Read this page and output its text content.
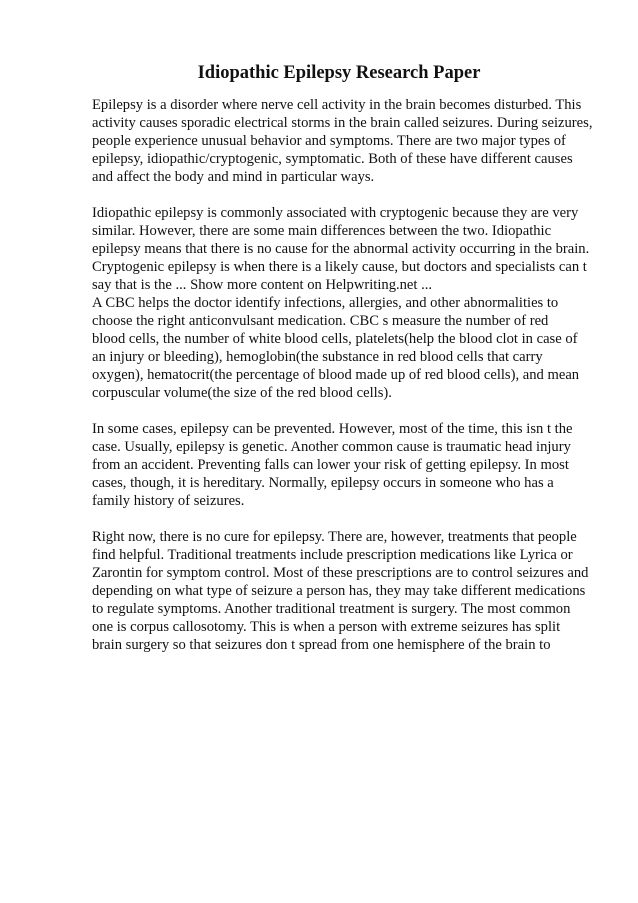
Idiopathic Epilepsy Research Paper

Epilepsy is a disorder where nerve cell activity in the brain becomes disturbed. This
activity causes sporadic electrical storms in the brain called seizures. During seizures,
people experience unusual behavior and symptoms. There are two major types of
epilepsy, idiopathic/cryptogenic, symptomatic. Both of these have different causes
and affect the body and mind in particular ways.

Idiopathic epilepsy is commonly associated with cryptogenic because they are very
similar. However, there are some main differences between the two. Idiopathic
epilepsy means that there is no cause for the abnormal activity occurring in the brain.
Cryptogenic epilepsy is when there is a likely cause, but doctors and specialists can t
say that is the ... Show more content on Helpwriting.net ...

A CBC helps the doctor identify infections, allergies, and other abnormalities to
choose the right anticonvulsant medication. CBC s measure the number of red
blood cells, the number of white blood cells, platelets(help the blood clot in case of
an injury or bleeding), hemoglobin(the substance in red blood cells that carry
oxygen), hematocrit(the percentage of blood made up of red blood cells), and mean
corpuscular volume(the size of the red blood cells).

In some cases, epilepsy can be prevented. However, most of the time, this isn t the
case. Usually, epilepsy is genetic. Another common cause is traumatic head injury
from an accident. Preventing falls can lower your risk of getting epilepsy. In most
cases, though, it is hereditary. Normally, epilepsy occurs in someone who has a
family history of seizures.

Right now, there is no cure for epilepsy. There are, however, treatments that people
find helpful. Traditional treatments include prescription medications like Lyrica or
Zarontin for symptom control. Most of these prescriptions are to control seizures and
depending on what type of seizure a person has, they may take different medications
to regulate symptoms. Another traditional treatment is surgery. The most common
one is corpus callosotomy. This is when a person with extreme seizures has split
brain surgery so that seizures don t spread from one hemisphere of the brain to
